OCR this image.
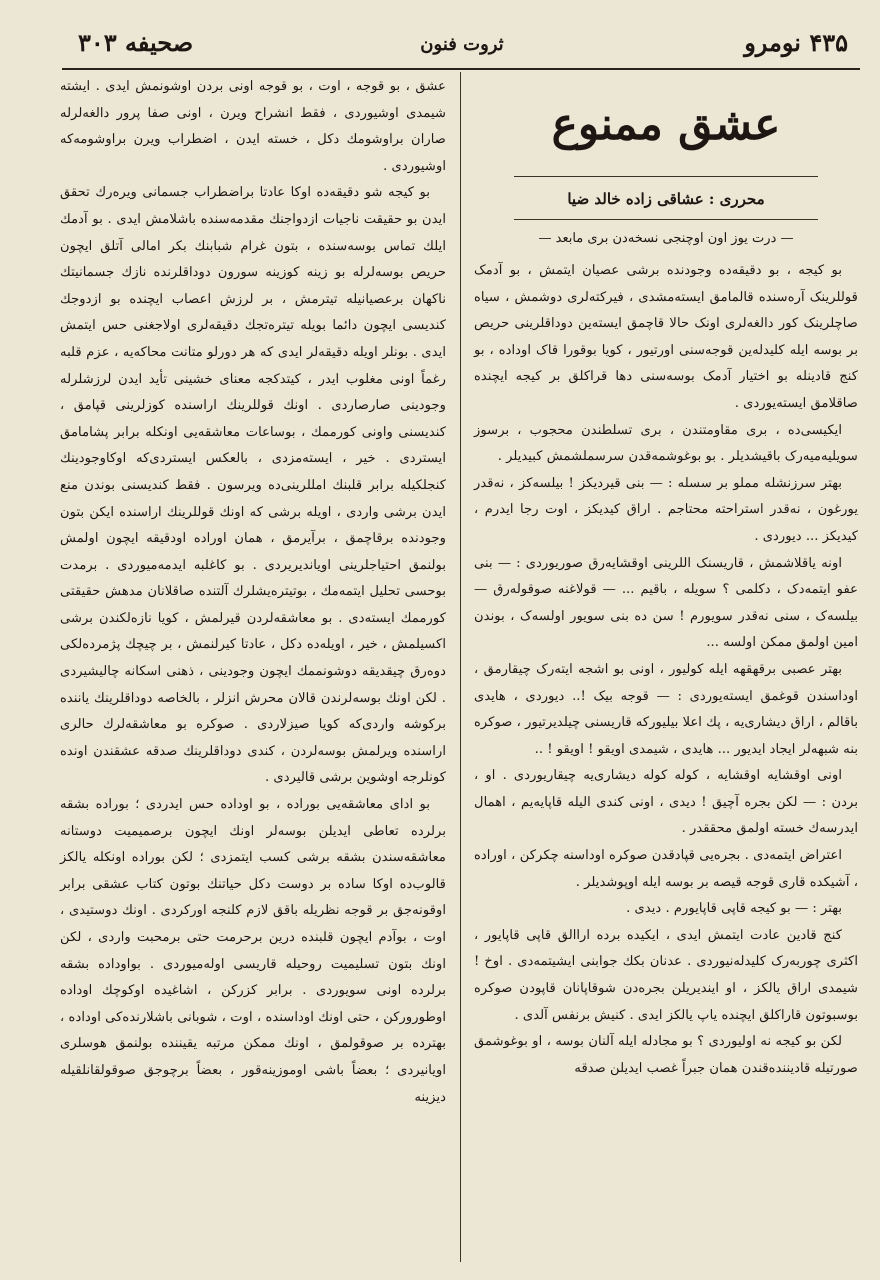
صحیفه ۳۰۳	ثروت فنون	۴۳۵ نومرو
عشق ممنوع
محرری : عشاقی زاده خالد ضیا
— درت یوز اون اوچنجی نسخه‌دن بری مابعد —

بو کیجه ، بو دقیقه‌ده وجودنده برشی عصیان ایتمش ، بو آدمک قوللرینک آره‌سنده قالمامق ایسته‌مشدی ، فیرکته‌لری دوشمش ، سیاه صاچلرینک کور دالغه‌لری اونک حالا قاچمق ایسته‌ین دوداقلرینی حریص بر بوسه ایله کلیدله‌ین قوجه‌سنی اورتیور ، کویا بوقورا قاک اوداده ، بو کنج قادینله بو اختیار آدمک بوسه‌سنی دها قراکلق بر کیجه ایچنده صاقلامق ایسته‌یوردی .

ایکیسی‌ده ، بری مقاومتندن ، بری تسلطندن محجوب ، برسوز سویلیه‌میه‌رک باقیشدیلر . بو بوغوشمه‌قدن سرسملشمش کبیدیلر .

بهتر سرزنشله مملو بر سسله : — بنی قیردیکز ! بیلسه‌کز ، نه‌قدر یورغون ، نه‌قدر استراحته محتاجم . اراق کیدیکز ، اوت رجا ایدرم ، کیدیکز ... دیوردی .

اونه یاقلاشمش ، قاریسنک اللرینی اوقشایه‌رق صوریوردی : — بنی عفو ایتمه‌دک ، دکلمی ؟ سویله ، باقیم ... — قولاغنه صوقوله‌رق — بیلسه‌ک ، سنی نه‌قدر سویورم ! سن ده بنی سویور اولسه‌ک ، بوندن امین اولمق ممکن اولسه ...

بهتر عصبی برقهقهه ایله کولیور ، اونی بو اشجه ایته‌رک چیقارمق ، اوداسندن قوغمق ایسته‌یوردی : — قوجه بیک !.. دیوردی ، هایدی باقالم ، اراق دیشاری‌یه ، پك اعلا بیلیورکه قاریسنی چیلدیرتیور ، صوکره بنه شبهه‌لر ایجاد ایدیور ... هایدی ، شیمدی اویقو ! اویقو ! ..

اونی اوقشایه اوقشایه ، کوله کوله دیشاری‌یه چیقاریوردی . او ، بردن : — لکن بجره آچیق ! دیدی ، اونی کندی الیله قاپایه‌یم ، اهمال ایدرسه‌ك خسته اولمق محققدر .

اعتراض ایتمه‌دی . بجره‌یی قپادقدن صوکره اوداسنه چکرکن ، اوراده ، آشیکده قاری قوجه قیصه بر بوسه ایله اوپوشدیلر .

بهتر : — بو کیجه قاپی قاپایورم . دیدی .

کنج قادین عادت ایتمش ایدی ، ایکیده برده اراالق قاپی قاپایور ، اکثری چوربه‌رک کلیدله‌نیوردی . عدنان بکك جوابنی ایشیتمه‌دی . اوخ ! شیمدی اراق یالکز ، او ایندیریلن بجره‌دن شوقاپانان قاپودن صوکره بوسبوتون قاراکلق ایچنده یاپ یالکز ایدی . کنیش برنفس آلدی .

لکن بو کیجه نه اولیوردی ؟ بو مجادله ایله آلنان بوسه ، او بوغوشمق صورتیله قادیننده‌قندن همان جبراً غصب ایدیلن صدقه

عشق ، بو قوجه ، اوت ، بو قوجه اونی بردن اوشونمش ایدی . ایشته شیمدی اوشیوردی ، فقط انشراح ویرن ، اونی صفا پرور دالغه‌لرله صاران براوشومك دکل ، خسته ایدن ، اضطراب ویرن براوشومه‌که اوشیوردی .

بو کیجه شو دقیقه‌ده اوکا عادتا براضطراب جسمانی ویره‌رك تحقق ایدن بو حقیقت ناجیات ازدواجنك مقدمه‌سنده باشلامش ایدی . بو آدمك ایلك تماس بوسه‌سنده ، بتون غرام شبابنك بکر امالی آتلق ایچون حریص بوسه‌لرله بو زینه کوزینه سورون دوداقلرنده نازك جسمانیتك ناکهان برعصیانیله تیترمش ، بر لرزش اعصاب ایچنده بو ازدوجك کندیسی ایچون دائما بویله تیتره‌تجك دقیقه‌لری اولاجغنی حس ایتمش ایدی . بونلر اویله دقیقه‌لر ایدی که هر دورلو متانت محاکه‌یه ، عزم قلبه رغماً اونی مغلوب ایدر ، کیتدکجه معنای خشینی تأید ایدن لرزشلرله وجودینی صارصاردی . اونك قوللرینك اراسنده کوزلرینی قپامق ، کندیسنی واونی کورممك ، بوساعات معاشقه‌یی اونکله برابر پشامامق ایستردی . خیر ، ایسته‌مزدی ، بالعکس ایستردی‌که اوکاوجودینك کنجلکیله برابر قلبنك امللرینی‌ده ویرسون . فقط کندیسنی بوندن منع ایدن برشی واردی ، اویله برشی که اونك قوللرینك ارا‌سنده ایکن بتون وجودنده برقاچمق ، برآیرمق ، همان اوراده اودقیقه ایچون اولمش بولنمق احتیاجلرینی اویاندیریردی . بو کاغلبه ایدمه‌میوردی . برمدت بوحسی تحلیل ایتمه‌مك ، بوتیتره‌یشلرك آلتنده صاقلانان مدهش حقیقتی کورممك ایسته‌دی . بو معاشقه‌لردن قیرلمش ، کویا نازه‌لکندن برشی اکسیلمش ، خیر ، اویله‌ده دکل ، عادتا کیرلنمش ، بر چیچك پژمرده‌لکی دوه‌رق چیقدیقه دوشونممك ایچون وجودینی ، ذهنی اسکانه چالیشیردی . لکن اونك بوسه‌لرندن قالان محرش انزلر ، بالخاصه دوداقلرینك یاننده برکوشه واردی‌که کویا صیزلاردی . صوکره بو معاشقه‌لرك حالری اراسنده ویرلمش بوسه‌لردن ، کندی دوداقلرینك صدقه عشقندن اونده کونلرجه اوشوین برشی قالیردی .

بو اداى معاشقه‌یی بوراده ، بو اوداده حس ایدردی ؛ بوراده بشقه برلرده تعاطی ایدیلن بوسه‌لر اونك ایچون برصمیمیت دوستانه معاشقه‌سندن بشقه برشی کسب ایتمزدی ؛ لکن بوراده اونکله یالکز قالوب‌ده اوکا ساده بر دوست دکل حیاتنك بوتون کتاب عشقی برابر اوقونه‌جق بر قوجه نظریله باقق لازم کلنجه اورکردی . اونك دوستیدی ، اوت ، بوآدم ایچون قلبنده درین برحرمت حتی برمحبت واردی ، لکن اونك بتون تسلیمیت روحیله قاریسی اوله‌میوردی . بواوداده بشقه برلرده اونی سویوردی . برابر کزرکن ، اشاغیده اوکوچك اوداده اوطورورکن ، حتی اونك اوداسنده ، اوت ، شوبانی باشلارنده‌کی اوداده ، بهترده بر صوقولمق ، اونك ممکن مرتبه یقیننده بولنمق هوسلری اویانیردی ؛ بعضاً باشی اوموزینه‌قور ، بعضاً برچوجق صوقولقانلقیله دیزینه
